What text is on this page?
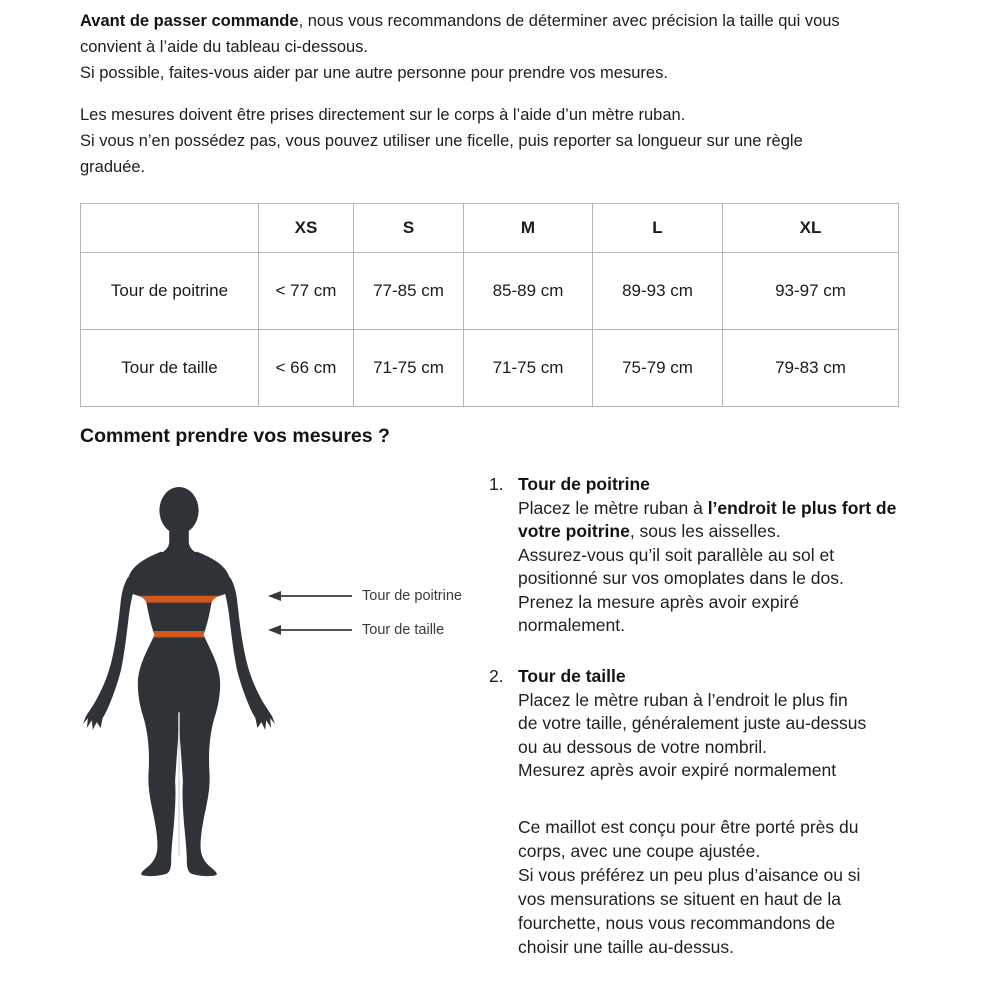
Avant de passer commande, nous vous recommandons de déterminer avec précision la taille qui vous
convient à l’aide du tableau ci-dessous.
Si possible, faites-vous aider par une autre personne pour prendre vos mesures.
Les mesures doivent être prises directement sur le corps à l’aide d’un mètre ruban.
Si vous n’en possédez pas, vous pouvez utiliser une ficelle, puis reporter sa longueur sur une règle
graduée.
	XS	S	M	L	XL
Tour de poitrine	< 77 cm	77-85 cm	85-89 cm	89-93 cm	93-97 cm
Tour de taille	< 66 cm	71-75 cm	71-75 cm	75-79 cm	79-83 cm
Comment prendre vos mesures ?
Tour de poitrine
Tour de taille
1. Tour de poitrine
Placez le mètre ruban à l’endroit le plus fort de
votre poitrine, sous les aisselles.
Assurez-vous qu’il soit parallèle au sol et
positionné sur vos omoplates dans le dos.
Prenez la mesure après avoir expiré
normalement.
2. Tour de taille
Placez le mètre ruban à l’endroit le plus fin
de votre taille, généralement juste au-dessus
ou au dessous de votre nombril.
Mesurez après avoir expiré normalement
Ce maillot est conçu pour être porté près du
corps, avec une coupe ajustée.
Si vous préférez un peu plus d’aisance ou si
vos mensurations se situent en haut de la
fourchette, nous vous recommandons de
choisir une taille au-dessus.
